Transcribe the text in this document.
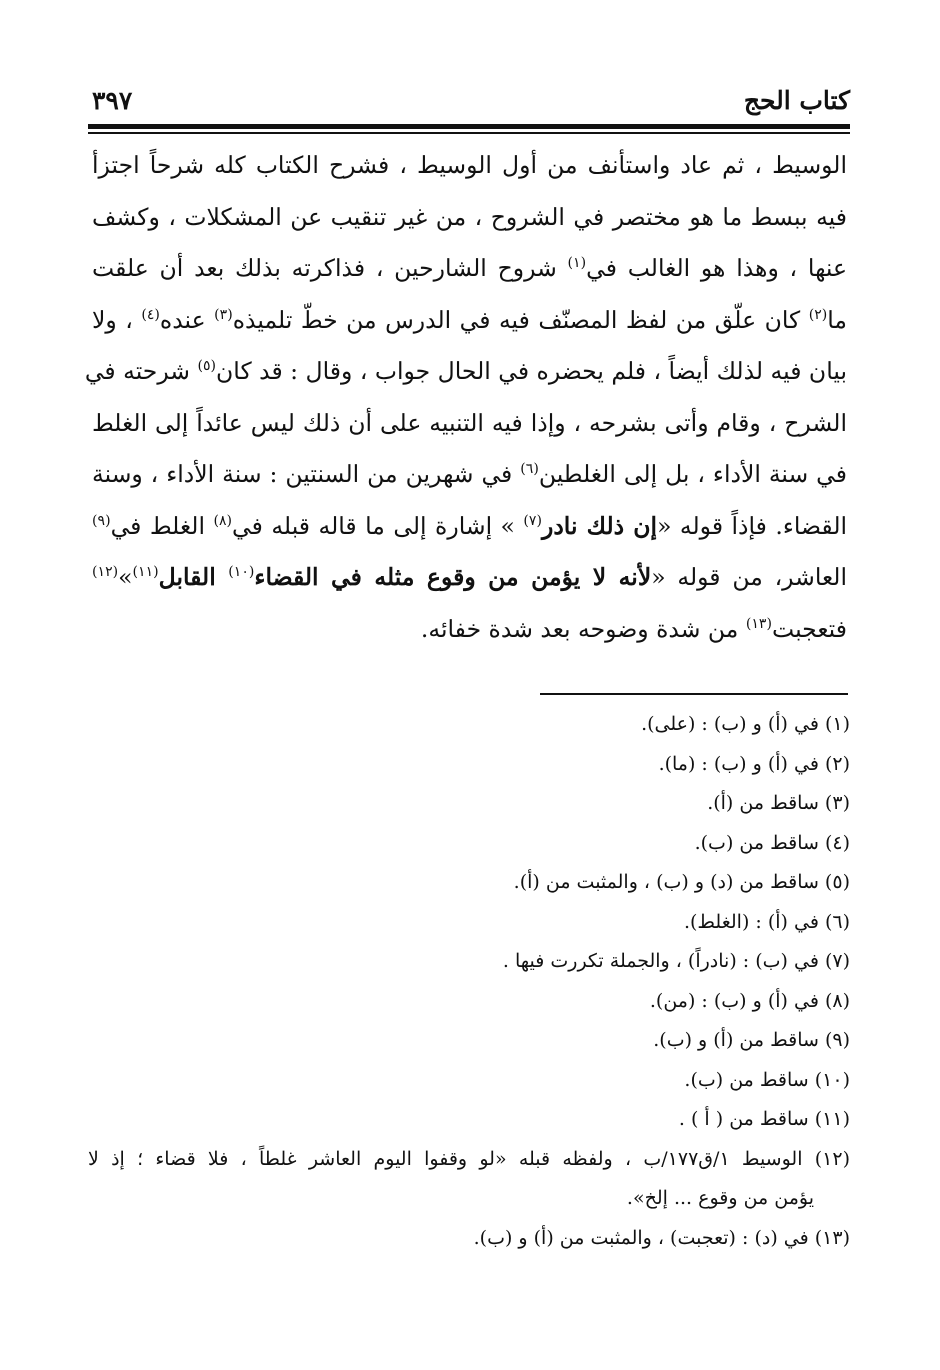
كتاب الحج
٣٩٧
الوسيط ، ثم عاد واستأنف من أول الوسيط ، فشرح الكتاب كله شرحاً اجتزأ
فيه ببسط ما هو مختصر في الشروح ، من غير تنقيب عن المشكلات ، وكشف
عنها ، وهذا هو الغالب في$^{(١)}$ شروح الشارحين ، فذاكرته بذلك بعد أن علقت
ما$^{(٢)}$ كان علّق من لفظ المصنّف فيه في الدرس من خطّ تلميذه$^{(٣)}$ عنده$^{(٤)}$ ، ولا
بيان فيه لذلك أيضاً ، فلم يحضره في الحال جواب ، وقال : قد كان$^{(٥)}$ شرحته في
الشرح ، وقام وأتى بشرحه ، وإذا فيه التنبيه على أن ذلك ليس عائداً إلى الغلط
في سنة الأداء ، بل إلى الغلطين$^{(٦)}$ في شهرين من السنتين : سنة الأداء ، وسنة
القضاء. فإذاً قوله «إن ذلك نادر$^{(٧)}$ » إشارة إلى ما قاله قبله في$^{(٨)}$ الغلط في$^{(٩)}$
العاشر، من قوله «لأنه لا يؤمن من وقوع مثله في القضاء$^{(١٠)}$ القابل$^{(١١)}$»$^{(١٢)}$
فتعجبت$^{(١٣)}$ من شدة وضوحه بعد شدة خفائه.
(١) في (أ) و (ب) : (على).
(٢) في (أ) و (ب) : (ما).
(٣) ساقط من (أ).
(٤) ساقط من (ب).
(٥) ساقط من (د) و (ب) ، والمثبت من (أ).
(٦) في (أ) : (الغلط).
(٧) في (ب) : (نادراً) ، والجملة تكررت فيها .
(٨) في (أ) و (ب) : (من).
(٩) ساقط من (أ) و (ب).
(١٠) ساقط من (ب).
(١١) ساقط من ( أ ) .
(١٢) الوسيط ١/ق١٧٧/ب ، ولفظه قبله «لو وقفوا اليوم العاشر غلطاً ، فلا قضاء ؛ إذ لا
يؤمن من وقوع ... إلخ».
(١٣) في (د) : (تعجبت) ، والمثبت من (أ) و (ب).
